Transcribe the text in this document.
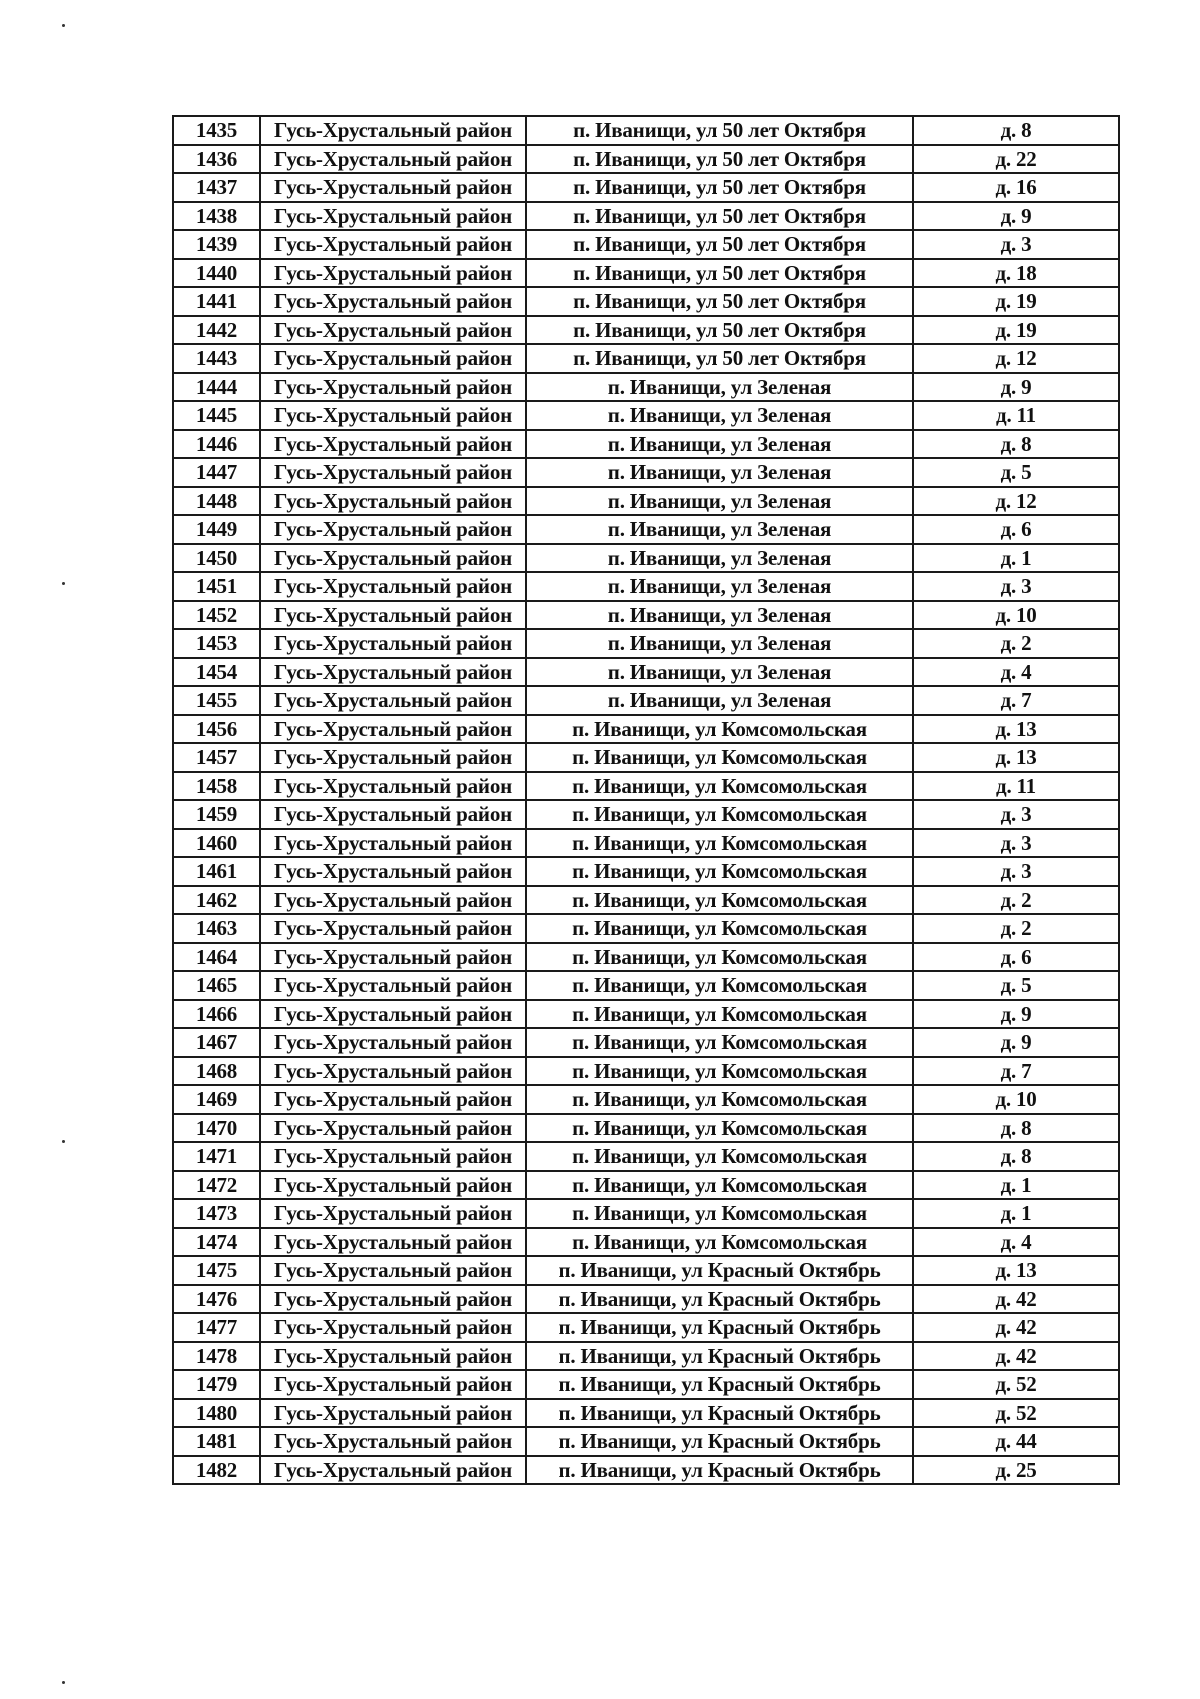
1435	Гусь-Хрустальный район	п. Иванищи, ул 50 лет Октября	д. 8
1436	Гусь-Хрустальный район	п. Иванищи, ул 50 лет Октября	д. 22
1437	Гусь-Хрустальный район	п. Иванищи, ул 50 лет Октября	д. 16
1438	Гусь-Хрустальный район	п. Иванищи, ул 50 лет Октября	д. 9
1439	Гусь-Хрустальный район	п. Иванищи, ул 50 лет Октября	д. 3
1440	Гусь-Хрустальный район	п. Иванищи, ул 50 лет Октября	д. 18
1441	Гусь-Хрустальный район	п. Иванищи, ул 50 лет Октября	д. 19
1442	Гусь-Хрустальный район	п. Иванищи, ул 50 лет Октября	д. 19
1443	Гусь-Хрустальный район	п. Иванищи, ул 50 лет Октября	д. 12
1444	Гусь-Хрустальный район	п. Иванищи, ул Зеленая	д. 9
1445	Гусь-Хрустальный район	п. Иванищи, ул Зеленая	д. 11
1446	Гусь-Хрустальный район	п. Иванищи, ул Зеленая	д. 8
1447	Гусь-Хрустальный район	п. Иванищи, ул Зеленая	д. 5
1448	Гусь-Хрустальный район	п. Иванищи, ул Зеленая	д. 12
1449	Гусь-Хрустальный район	п. Иванищи, ул Зеленая	д. 6
1450	Гусь-Хрустальный район	п. Иванищи, ул Зеленая	д. 1
1451	Гусь-Хрустальный район	п. Иванищи, ул Зеленая	д. 3
1452	Гусь-Хрустальный район	п. Иванищи, ул Зеленая	д. 10
1453	Гусь-Хрустальный район	п. Иванищи, ул Зеленая	д. 2
1454	Гусь-Хрустальный район	п. Иванищи, ул Зеленая	д. 4
1455	Гусь-Хрустальный район	п. Иванищи, ул Зеленая	д. 7
1456	Гусь-Хрустальный район	п. Иванищи, ул Комсомольская	д. 13
1457	Гусь-Хрустальный район	п. Иванищи, ул Комсомольская	д. 13
1458	Гусь-Хрустальный район	п. Иванищи, ул Комсомольская	д. 11
1459	Гусь-Хрустальный район	п. Иванищи, ул Комсомольская	д. 3
1460	Гусь-Хрустальный район	п. Иванищи, ул Комсомольская	д. 3
1461	Гусь-Хрустальный район	п. Иванищи, ул Комсомольская	д. 3
1462	Гусь-Хрустальный район	п. Иванищи, ул Комсомольская	д. 2
1463	Гусь-Хрустальный район	п. Иванищи, ул Комсомольская	д. 2
1464	Гусь-Хрустальный район	п. Иванищи, ул Комсомольская	д. 6
1465	Гусь-Хрустальный район	п. Иванищи, ул Комсомольская	д. 5
1466	Гусь-Хрустальный район	п. Иванищи, ул Комсомольская	д. 9
1467	Гусь-Хрустальный район	п. Иванищи, ул Комсомольская	д. 9
1468	Гусь-Хрустальный район	п. Иванищи, ул Комсомольская	д. 7
1469	Гусь-Хрустальный район	п. Иванищи, ул Комсомольская	д. 10
1470	Гусь-Хрустальный район	п. Иванищи, ул Комсомольская	д. 8
1471	Гусь-Хрустальный район	п. Иванищи, ул Комсомольская	д. 8
1472	Гусь-Хрустальный район	п. Иванищи, ул Комсомольская	д. 1
1473	Гусь-Хрустальный район	п. Иванищи, ул Комсомольская	д. 1
1474	Гусь-Хрустальный район	п. Иванищи, ул Комсомольская	д. 4
1475	Гусь-Хрустальный район	п. Иванищи, ул Красный Октябрь	д. 13
1476	Гусь-Хрустальный район	п. Иванищи, ул Красный Октябрь	д. 42
1477	Гусь-Хрустальный район	п. Иванищи, ул Красный Октябрь	д. 42
1478	Гусь-Хрустальный район	п. Иванищи, ул Красный Октябрь	д. 42
1479	Гусь-Хрустальный район	п. Иванищи, ул Красный Октябрь	д. 52
1480	Гусь-Хрустальный район	п. Иванищи, ул Красный Октябрь	д. 52
1481	Гусь-Хрустальный район	п. Иванищи, ул Красный Октябрь	д. 44
1482	Гусь-Хрустальный район	п. Иванищи, ул Красный Октябрь	д. 25
